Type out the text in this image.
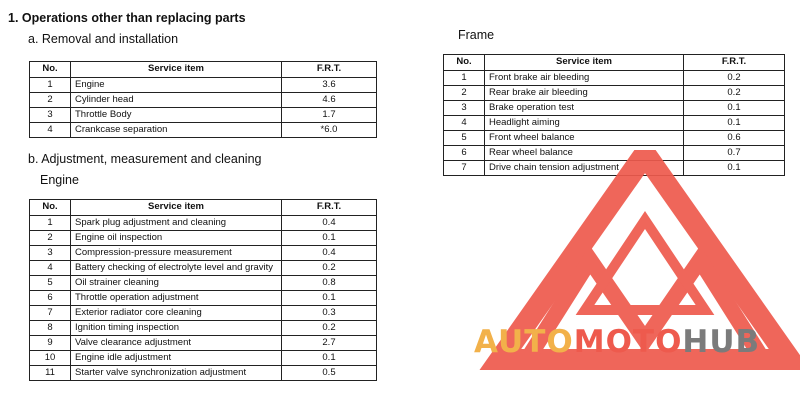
1. Operations other than replacing parts
a. Removal and installation
b. Adjustment, measurement and cleaning
Engine
Frame
No.	Service item	F.R.T.
1	Engine	3.6
2	Cylinder head	4.6
3	Throttle Body	1.7
4	Crankcase separation	*6.0
No.	Service item	F.R.T.
1	Spark plug adjustment and cleaning	0.4
2	Engine oil inspection	0.1
3	Compression-pressure measurement	0.4
4	Battery checking of electrolyte level and gravity	0.2
5	Oil strainer cleaning	0.8
6	Throttle operation adjustment	0.1
7	Exterior radiator core cleaning	0.3
8	Ignition timing inspection	0.2
9	Valve clearance adjustment	2.7
10	Engine idle adjustment	0.1
11	Starter valve synchronization adjustment	0.5
No.	Service item	F.R.T.
1	Front brake air bleeding	0.2
2	Rear brake air bleeding	0.2
3	Brake operation test	0.1
4	Headlight aiming	0.1
5	Front wheel balance	0.6
6	Rear wheel balance	0.7
7	Drive chain tension adjustment	0.1
AUTOMOTOHUB
